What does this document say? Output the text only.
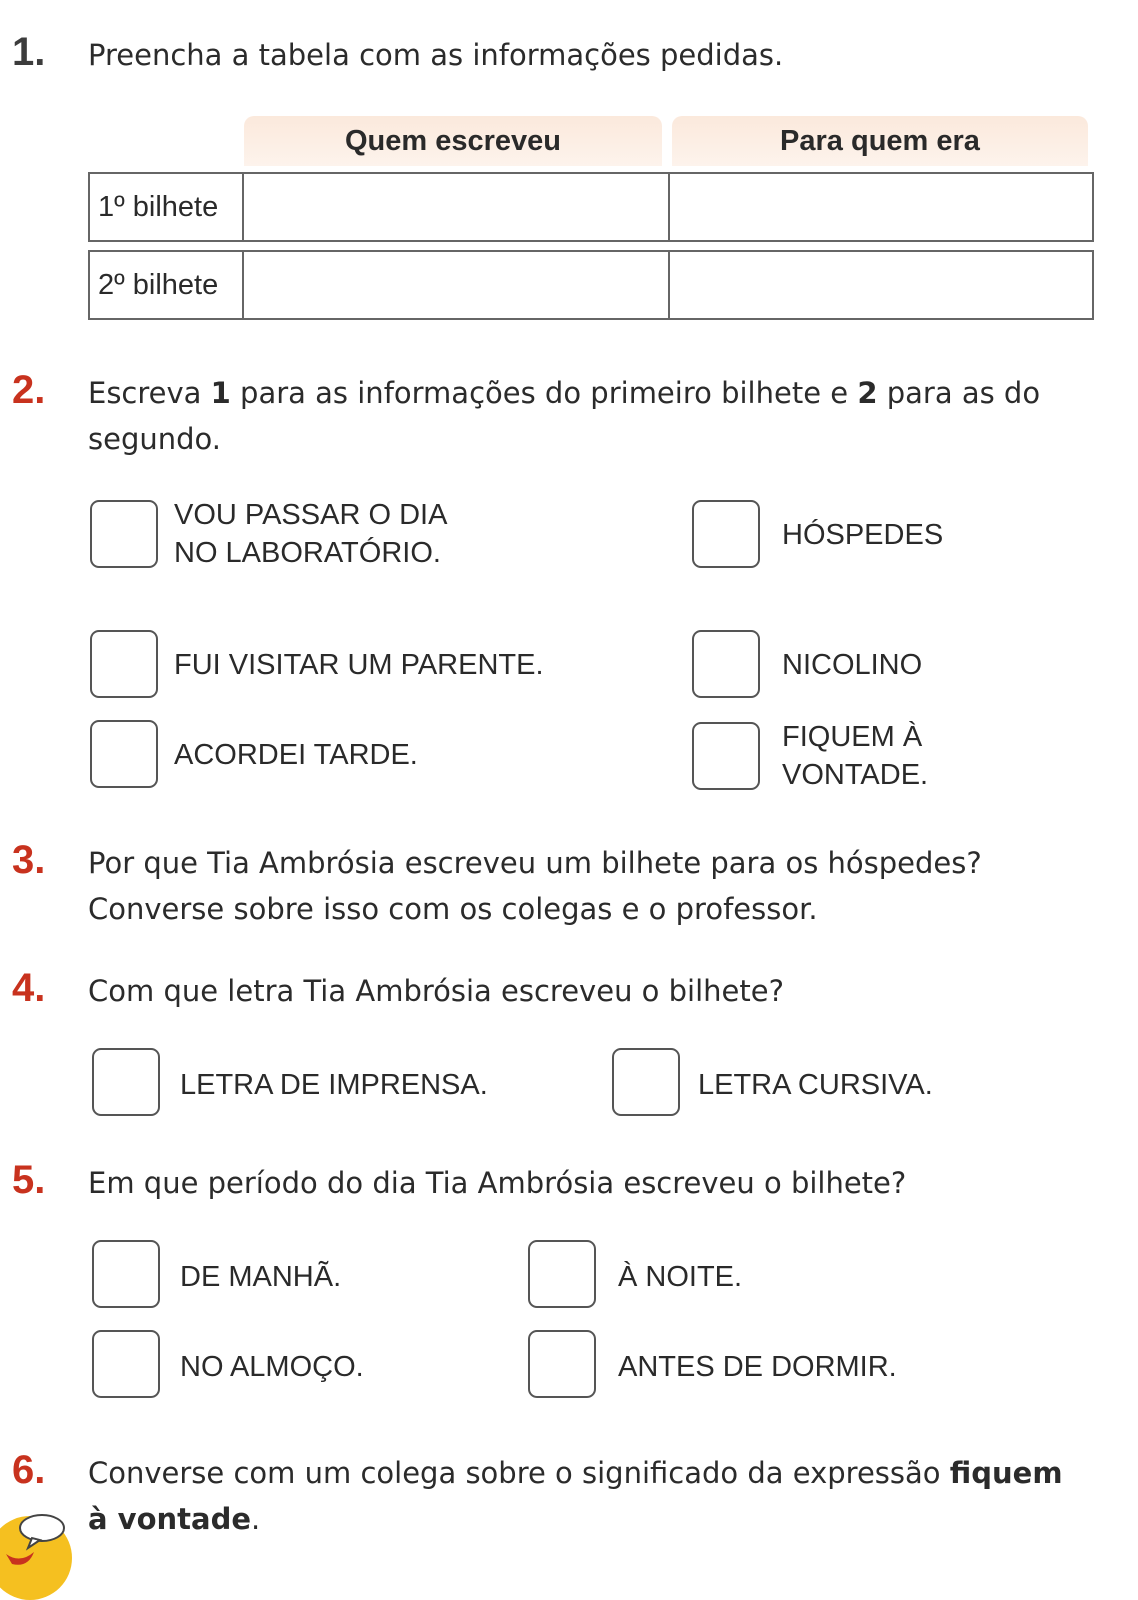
1. Preencha a tabela com as informações pedidas.
Quem escreveu	Para quem era
1º bilhete
2º bilhete
2. Escreva 1 para as informações do primeiro bilhete e 2 para as do
segundo.
VOU PASSAR O DIA
NO LABORATÓRIO.
HÓSPEDES
FUI VISITAR UM PARENTE.	NICOLINO
ACORDEI TARDE.
FIQUEM À
VONTADE.
3. Por que Tia Ambrósia escreveu um bilhete para os hóspedes?
Converse sobre isso com os colegas e o professor.
4. Com que letra Tia Ambrósia escreveu o bilhete?
LETRA DE IMPRENSA.	LETRA CURSIVA.
5. Em que período do dia Tia Ambrósia escreveu o bilhete?
DE MANHÃ.	À NOITE.
NO ALMOÇO.	ANTES DE DORMIR.
6. Converse com um colega sobre o significado da expressão fiquem
à vontade.
